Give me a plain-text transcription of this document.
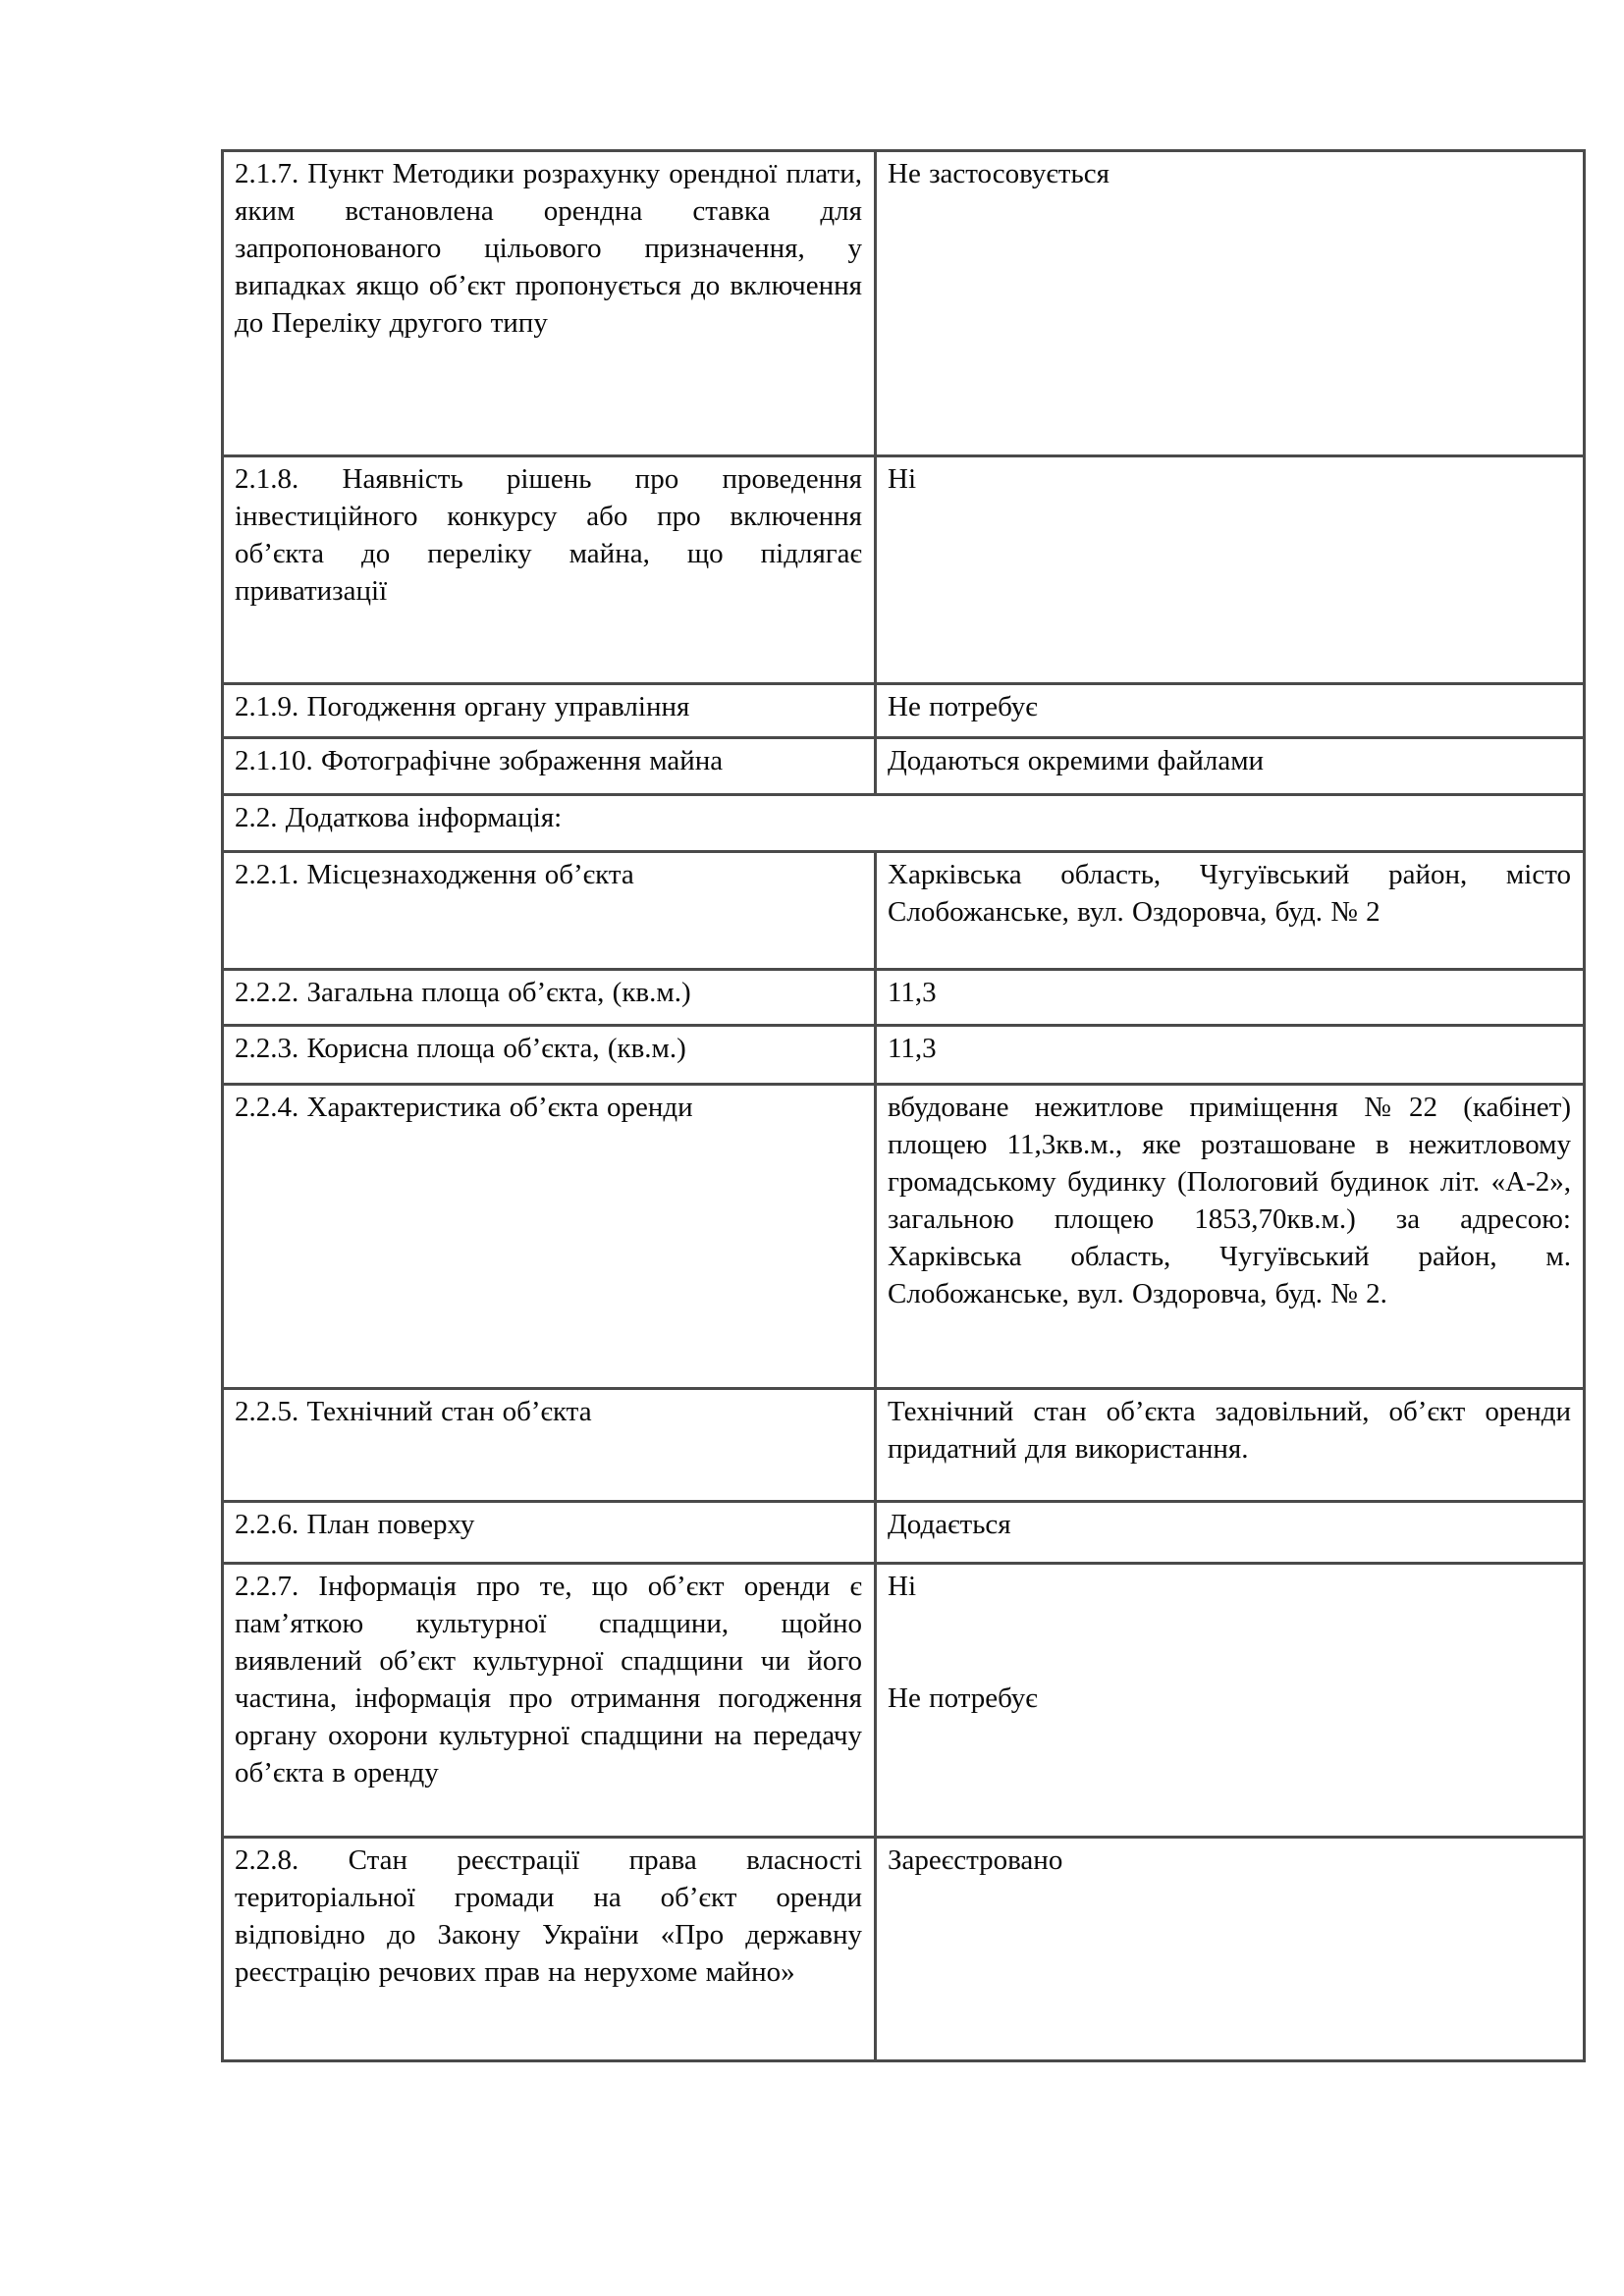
2.1.7. Пункт Методики розрахунку орендної плати, яким встановлена орендна ставка для запропонованого цільового призначення, у випадках якщо об’єкт пропонується до включення до Переліку другого типу	Не застосовується
2.1.8. Наявність рішень про проведення інвестиційного конкурсу або про включення об’єкта до переліку майна, що підлягає приватизації	Ні
2.1.9. Погодження органу управління	Не потребує
2.1.10. Фотографічне зображення майна	Додаються окремими файлами
2.2. Додаткова інформація:	
2.2.1. Місцезнаходження об’єкта	Харківська область, Чугуївський район, місто Слобожанське, вул. Оздоровча, буд. № 2
2.2.2. Загальна площа об’єкта, (кв.м.)	11,3
2.2.3. Корисна площа об’єкта, (кв.м.)	11,3
2.2.4. Характеристика об’єкта оренди	вбудоване нежитлове приміщення №22 (кабінет) площею 11,3кв.м., яке розташоване в нежитловому громадському будинку (Пологовий будинок літ. «А-2», загальною площею 1853,70кв.м.) за адресою: Харківська область, Чугуївський район, м. Слобожанське, вул. Оздоровча, буд. № 2.
2.2.5. Технічний стан об’єкта	Технічний стан об’єкта задовільний, об’єкт оренди придатний для використання.
2.2.6. План поверху	Додається
2.2.7. Інформація про те, що об’єкт оренди є пам’яткою культурної спадщини, щойно виявлений об’єкт культурної спадщини чи його частина, інформація про отримання погодження органу охорони культурної спадщини на передачу об’єкта в оренду	Ні
Не потребує

2.2.8. Стан реєстрації права власності територіальної громади на об’єкт оренди відповідно до Закону України «Про державну реєстрацію речових прав на нерухоме майно»	Зареєстровано
